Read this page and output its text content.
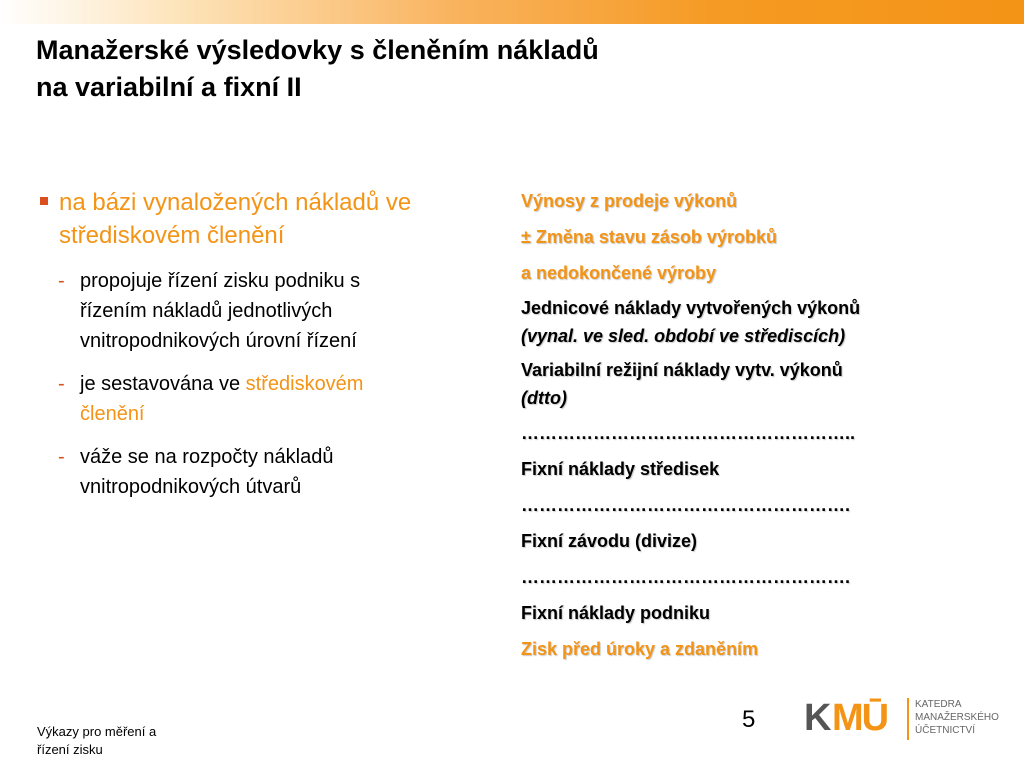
Manažerské výsledovky s členěním nákladů
na variabilní a fixní II
na bázi vynaložených nákladů ve
střediskovém členění
- propojuje řízení zisku podniku s
řízením nákladů jednotlivých
vnitropodnikových úrovní řízení
- je sestavována ve střediskovém
členění
- váže se na rozpočty nákladů
vnitropodnikových útvarů
Výnosy z prodeje výkonů
± Změna stavu zásob výrobků
a nedokončené výroby
Jednicové náklady vytvořených výkonů
(vynal. ve sled. období ve střediscích)
Variabilní režijní náklady vytv. výkonů
(dtto)
………………………………………………..
Fixní náklady středisek
……………………………………………….
Fixní závodu (divize)
……………………………………………….
Fixní náklady podniku
Zisk před úroky a zdaněním
Výkazy pro měření a
řízení zisku
5 K MŪ	KATEDRA
MANAŽERSKÉHO
ÚČETNICTVÍ
